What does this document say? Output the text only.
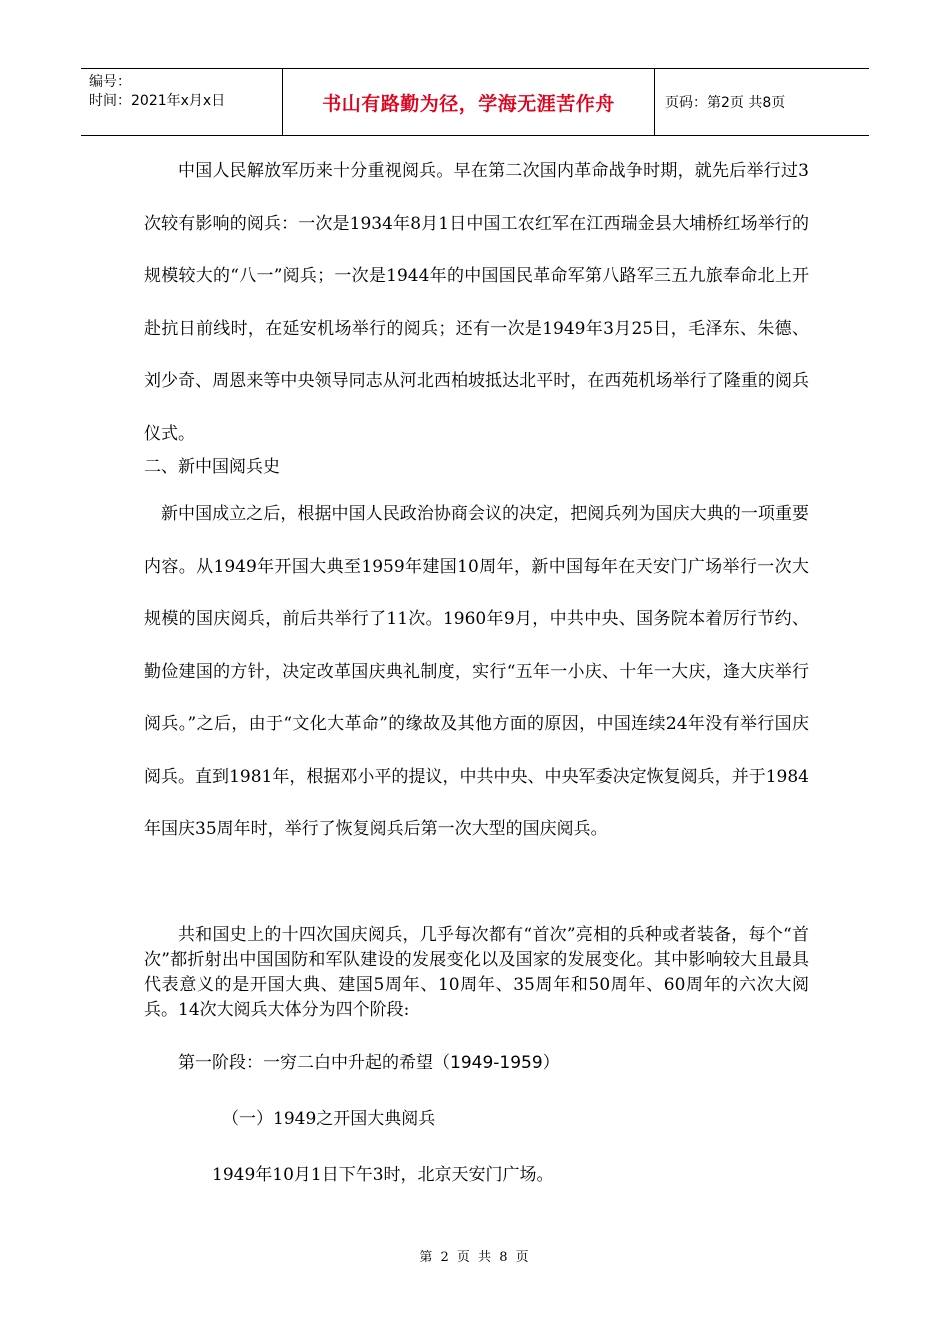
编号：
时间：2021年x月x日	书山有路勤为径，学海无涯苦作舟	页码：第2页 共8页

中国人民解放军历来十分重视阅兵。早在第二次国内革命战争时期，就先后举行过3次较有影响的阅兵：一次是1934年8月1日中国工农红军在江西瑞金县大埔桥红场举行的规模较大的“八一”阅兵；一次是1944年的中国国民革命军第八路军三五九旅奉命北上开赴抗日前线时，在延安机场举行的阅兵；还有一次是1949年3月25日，毛泽东、朱德、刘少奇、周恩来等中央领导同志从河北西柏坡抵达北平时，在西苑机场举行了隆重的阅兵仪式。

二、新中国阅兵史

新中国成立之后，根据中国人民政治协商会议的决定，把阅兵列为国庆大典的一项重要内容。从1949年开国大典至1959年建国10周年，新中国每年在天安门广场举行一次大规模的国庆阅兵，前后共举行了11次。1960年9月，中共中央、国务院本着厉行节约、勤俭建国的方针，决定改革国庆典礼制度，实行“五年一小庆、十年一大庆，逢大庆举行阅兵。”之后，由于“文化大革命”的缘故及其他方面的原因，中国连续24年没有举行国庆阅兵。直到1981年，根据邓小平的提议，中共中央、中央军委决定恢复阅兵，并于1984年国庆35周年时，举行了恢复阅兵后第一次大型的国庆阅兵。

共和国史上的十四次国庆阅兵，几乎每次都有“首次”亮相的兵种或者装备，每个“首次”都折射出中国国防和军队建设的发展变化以及国家的发展变化。其中影响较大且最具代表意义的是开国大典、建国5周年、10周年、35周年和50周年、60周年的六次大阅兵。14次大阅兵大体分为四个阶段:

第一阶段：一穷二白中升起的希望（1949-1959）
（一）1949之开国大典阅兵
1949年10月1日下午3时，北京天安门广场。
第 2 页 共 8 页
